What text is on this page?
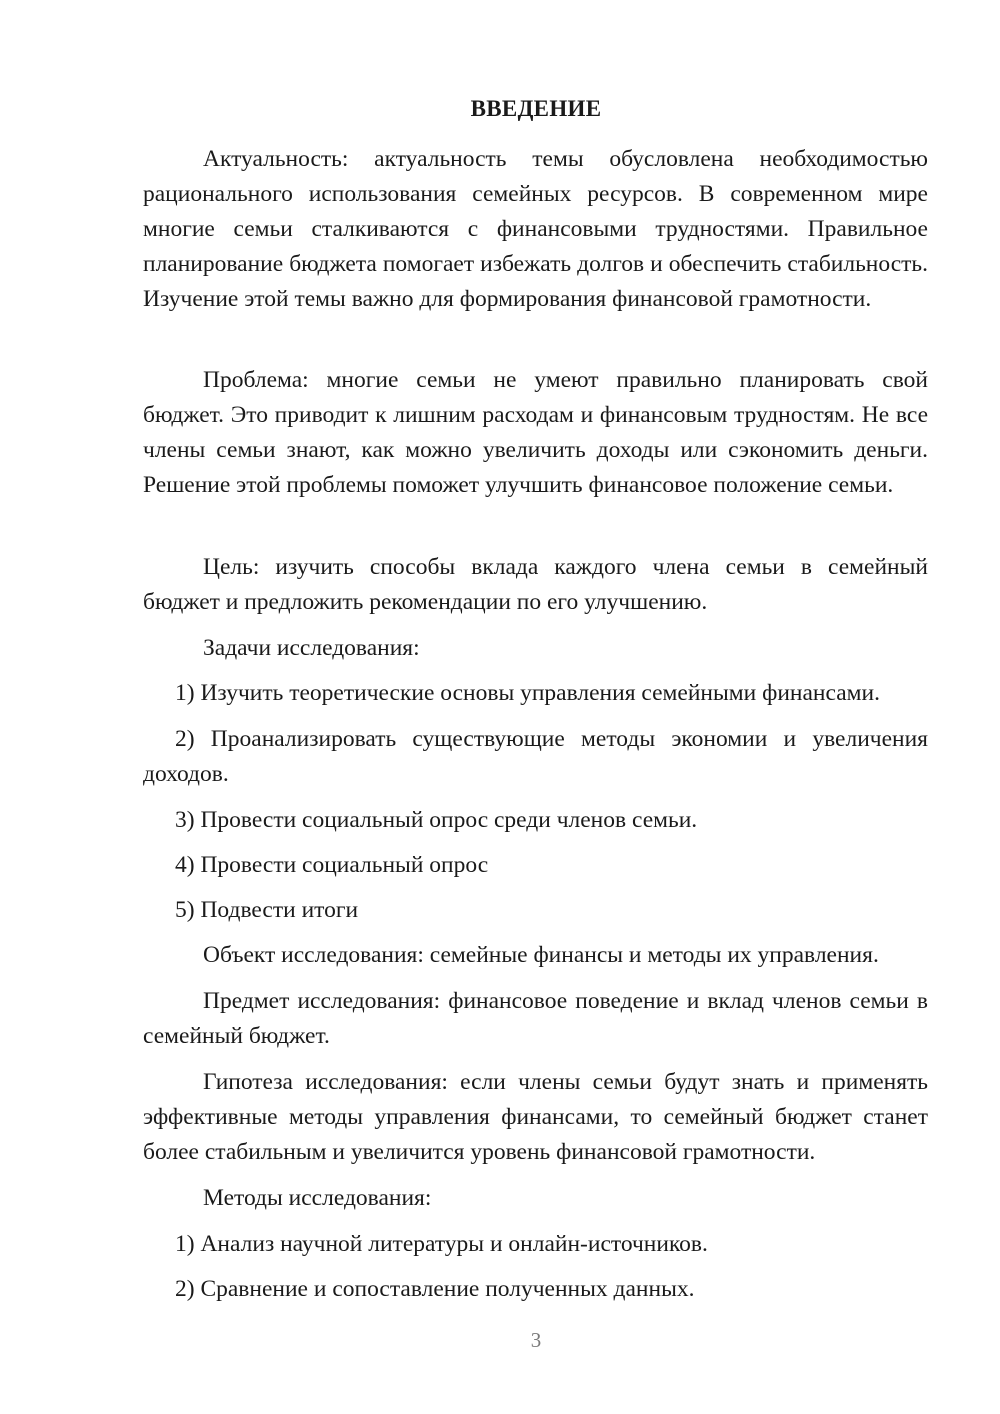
ВВЕДЕНИЕ

Актуальность: актуальность темы обусловлена необходимостью рационального использования семейных ресурсов. В современном мире многие семьи сталкиваются с финансовыми трудностями. Правильное планирование бюджета помогает избежать долгов и обеспечить стабильность. Изучение этой темы важно для формирования финансовой грамотности.

Проблема: многие семьи не умеют правильно планировать свой бюджет. Это приводит к лишним расходам и финансовым трудностям. Не все члены семьи знают, как можно увеличить доходы или сэкономить деньги. Решение этой проблемы поможет улучшить финансовое положение семьи.

Цель: изучить способы вклада каждого члена семьи в семейный бюджет и предложить рекомендации по его улучшению.

Задачи исследования:

1) Изучить теоретические основы управления семейными финансами.

2) Проанализировать существующие методы экономии и увеличения доходов.

3) Провести социальный опрос среди членов семьи.

4) Провести социальный опрос

5) Подвести итоги

Объект исследования: семейные финансы и методы их управления.

Предмет исследования: финансовое поведение и вклад членов семьи в семейный бюджет.

Гипотеза исследования: если члены семьи будут знать и применять эффективные методы управления финансами, то семейный бюджет станет более стабильным и увеличится уровень финансовой грамотности.

Методы исследования:

1) Анализ научной литературы и онлайн-источников.

2) Сравнение и сопоставление полученных данных.

3
